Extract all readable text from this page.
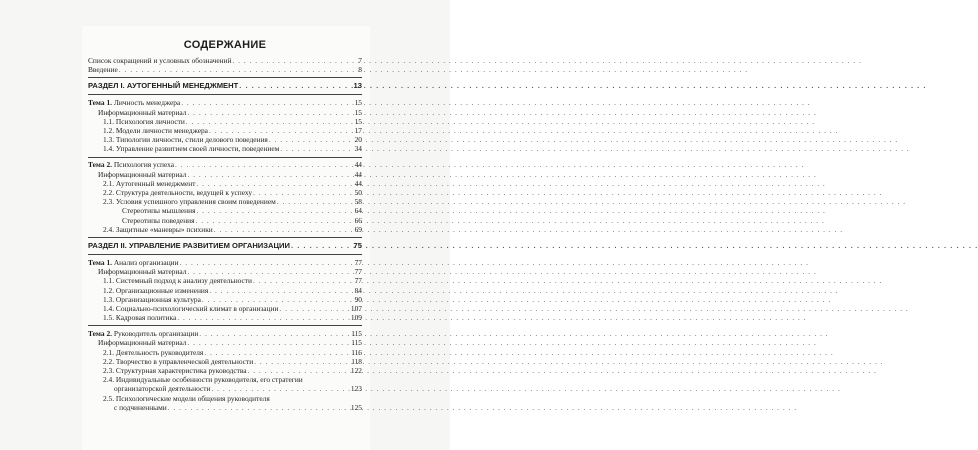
СОДЕРЖАНИЕ
Список сокращений и условных обозначений . . .	7
Введение . . .	8
РАЗДЕЛ I. АУТОГЕННЫЙ МЕНЕДЖМЕНТ . . .	13
Тема 1. Личность менеджера . . .	15
Информационный материал . . .	15
1.1. Психология личности . . .	15
1.2. Модели личности менеджера . . .	17
1.3. Типологии личности, стили делового поведения . . .	20
1.4. Управление развитием своей личности, поведением . . .	34
Тема 2. Психология успеха . . .	44
Информационный материал . . .	44
2.1. Аутогенный менеджмент . . .	44
2.2. Структура деятельности, ведущей к успеху . . .	50
2.3. Условия успешного управления своим поведением . . .	58
Стереотипы мышления . . .	64
Стереотипы поведения . . .	66
2.4. Защитные «маневры» психики . . .	69
РАЗДЕЛ II. УПРАВЛЕНИЕ РАЗВИТИЕМ ОРГАНИЗАЦИИ . . .	75
Тема 1. Анализ организации . . .	77
Информационный материал . . .	77
1.1. Системный подход к анализу деятельности . . .	77
1.2. Организационные изменения . . .	84
1.3. Организационная культура . . .	90
1.4. Социально-психологический климат в организации . . .	107
1.5. Кадровая политика . . .	109
Тема 2. Руководитель организации . . .	115
Информационный материал . . .	115
2.1. Деятельность руководителя . . .	116
2.2. Творчество в управленческой деятельности . . .	118
2.3. Структурная характеристика руководства . . .	122
2.4. Индивидуальные особенности руководителя, его стратегии
организаторской деятельности . . .	123
2.5. Психологические модели общения руководителя
с подчиненными . . .	125
